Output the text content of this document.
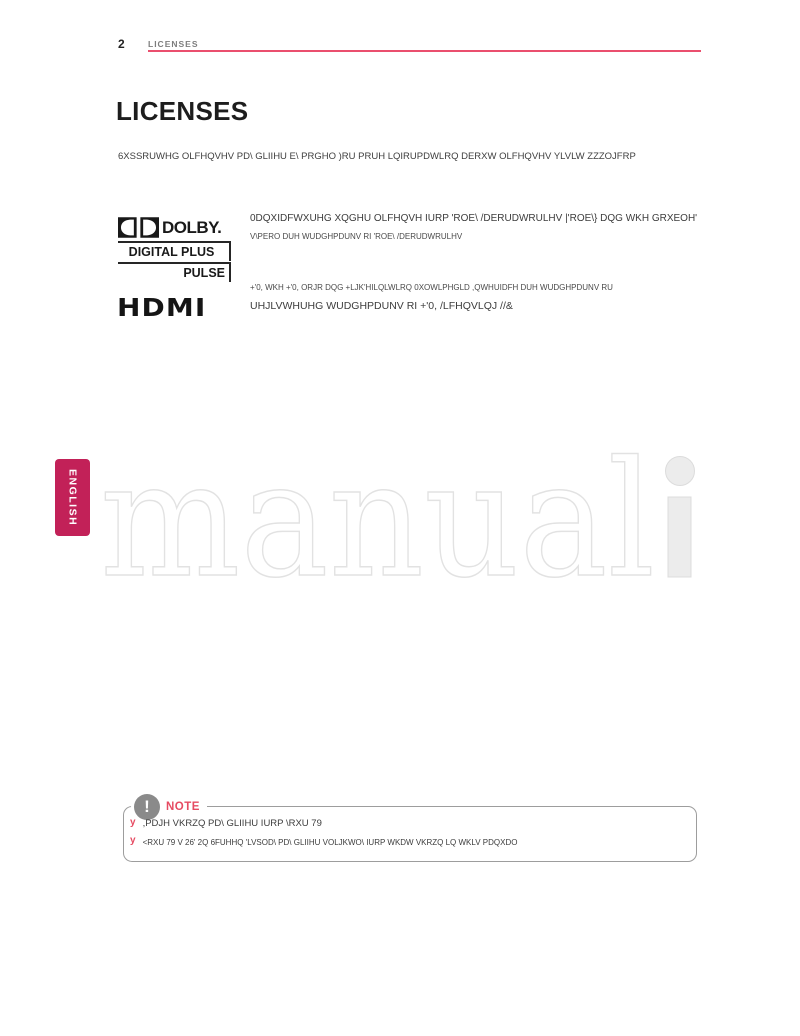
2	LICENSES
LICENSES

6XSSRUWHG OLFHQVHV PD\ GLIIHU E\ PRGHO )RU PRUH LQIRUPDWLRQ DERXW OLFHQVHV YLVLW ZZZOJFRP

DOLBY.
DIGITAL PLUS
PULSE

0DQXIDFWXUHG XQGHU OLFHQVH IURP 'ROE\ /DERUDWRULHV |'ROE\} DQG WKH GRXEOH'

V\PERO DUH WUDGHPDUNV RI 'ROE\ /DERUDWRULHV

+'0, WKH +'0, ORJR DQG +LJK'HILQLWLRQ 0XOWLPHGLD ,QWHUIDFH DUH WUDGHPDUNV RU

UHJLVWHUHG WUDGHPDUNV RI +'0, /LFHQVLQJ //&

HDMI
ENGLISH manual
!	NOTE
y ,PDJH VKRZQ PD\ GLIIHU IURP \RXU 79
y <RXU 79 V 26' 2Q 6FUHHQ 'LVSOD\ PD\ GLIIHU VOLJKWO\ IURP WKDW VKRZQ LQ WKLV PDQXDO
